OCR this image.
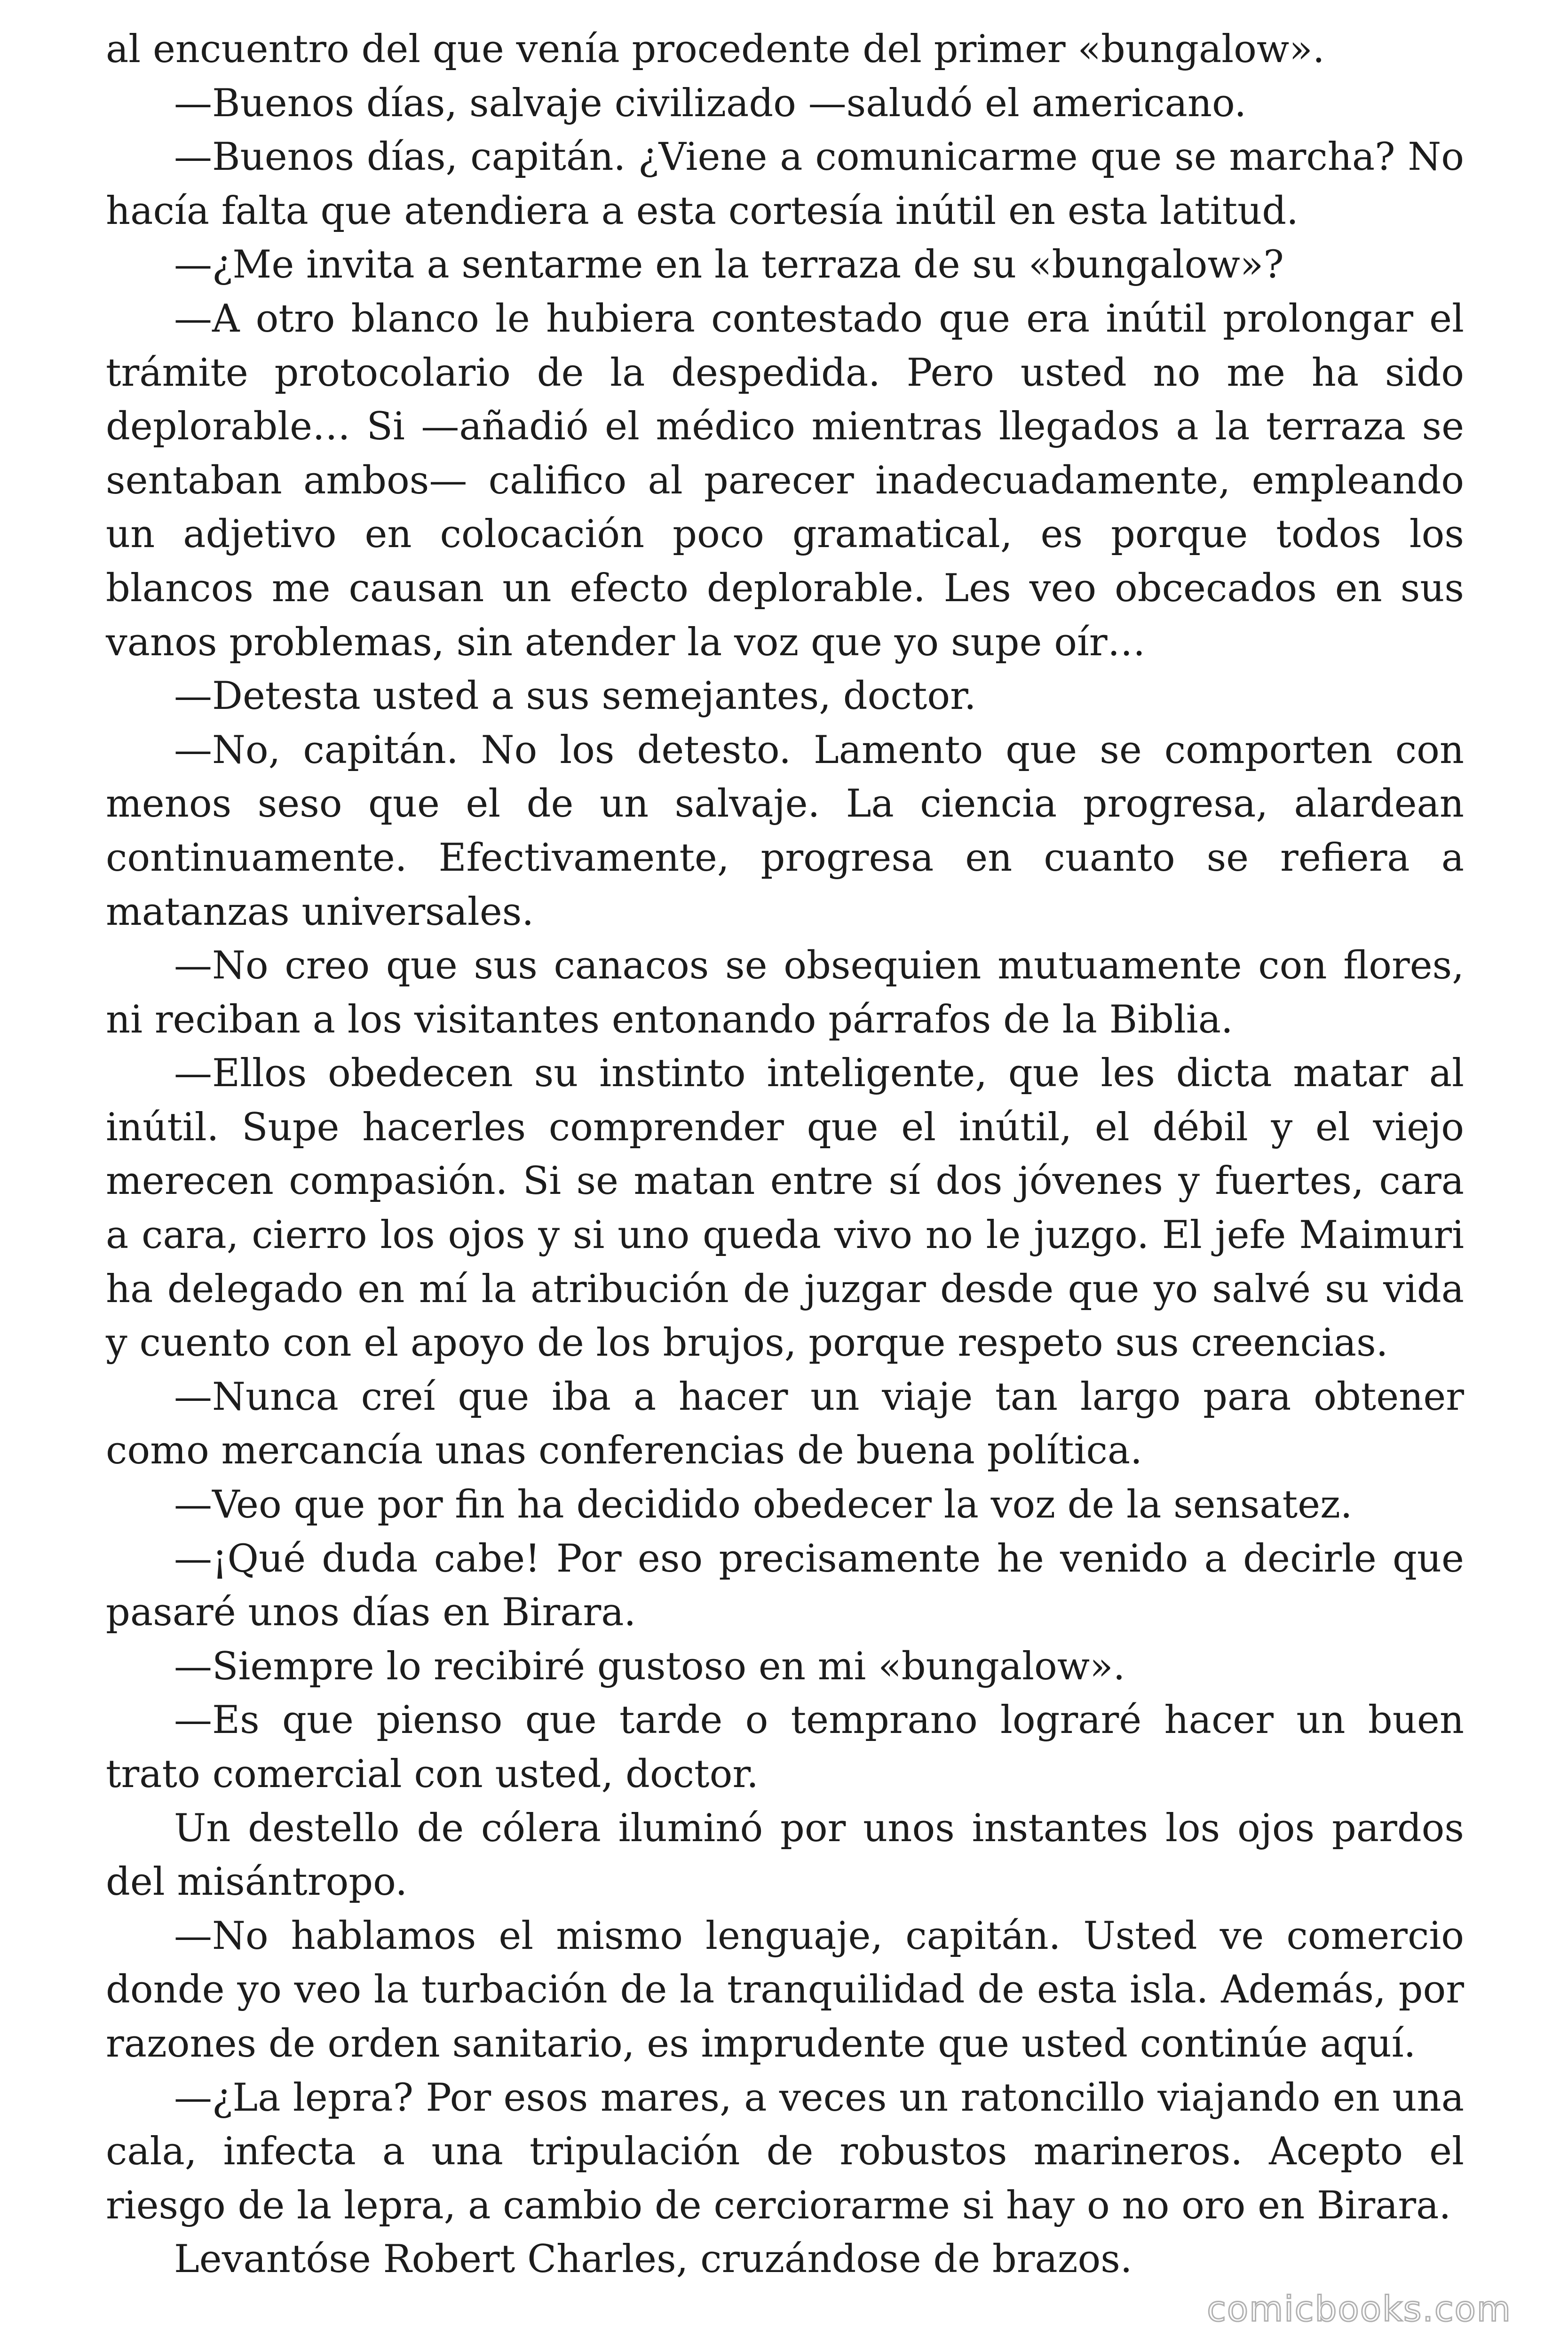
al encuentro del que venía procedente del primer «bungalow».

—Buenos días, salvaje civilizado —saludó el americano.

—Buenos días, capitán. ¿Viene a comunicarme que se marcha? No hacía falta que atendiera a esta cortesía inútil en esta latitud.

—¿Me invita a sentarme en la terraza de su «bungalow»?

—A otro blanco le hubiera contestado que era inútil prolongar el trámite protocolario de la despedida. Pero usted no me ha sido deplorable… Si —añadió el médico mientras llegados a la terraza se sentaban ambos— califico al parecer inadecuadamente, empleando un adjetivo en colocación poco gramatical, es porque todos los blancos me causan un efecto deplorable. Les veo obcecados en sus vanos problemas, sin atender la voz que yo supe oír…

—Detesta usted a sus semejantes, doctor.

—No, capitán. No los detesto. Lamento que se comporten con menos seso que el de un salvaje. La ciencia progresa, alardean continuamente. Efectivamente, progresa en cuanto se refiera a matanzas universales.

—No creo que sus canacos se obsequien mutuamente con flores, ni reciban a los visitantes entonando párrafos de la Biblia.

—Ellos obedecen su instinto inteligente, que les dicta matar al inútil. Supe hacerles comprender que el inútil, el débil y el viejo merecen compasión. Si se matan entre sí dos jóvenes y fuertes, cara a cara, cierro los ojos y si uno queda vivo no le juzgo. El jefe Maimuri ha delegado en mí la atribución de juzgar desde que yo salvé su vida y cuento con el apoyo de los brujos, porque respeto sus creencias.

—Nunca creí que iba a hacer un viaje tan largo para obtener como mercancía unas conferencias de buena política.

—Veo que por fin ha decidido obedecer la voz de la sensatez.

—¡Qué duda cabe! Por eso precisamente he venido a decirle que pasaré unos días en Birara.

—Siempre lo recibiré gustoso en mi «bungalow».

—Es que pienso que tarde o temprano lograré hacer un buen trato comercial con usted, doctor.

Un destello de cólera iluminó por unos instantes los ojos pardos del misántropo.

—No hablamos el mismo lenguaje, capitán. Usted ve comercio donde yo veo la turbación de la tranquilidad de esta isla. Además, por razones de orden sanitario, es imprudente que usted continúe aquí.

—¿La lepra? Por esos mares, a veces un ratoncillo viajando en una cala, infecta a una tripulación de robustos marineros. Acepto el riesgo de la lepra, a cambio de cerciorarme si hay o no oro en Birara.

Levantóse Robert Charles, cruzándose de brazos.

comicbooks.com
